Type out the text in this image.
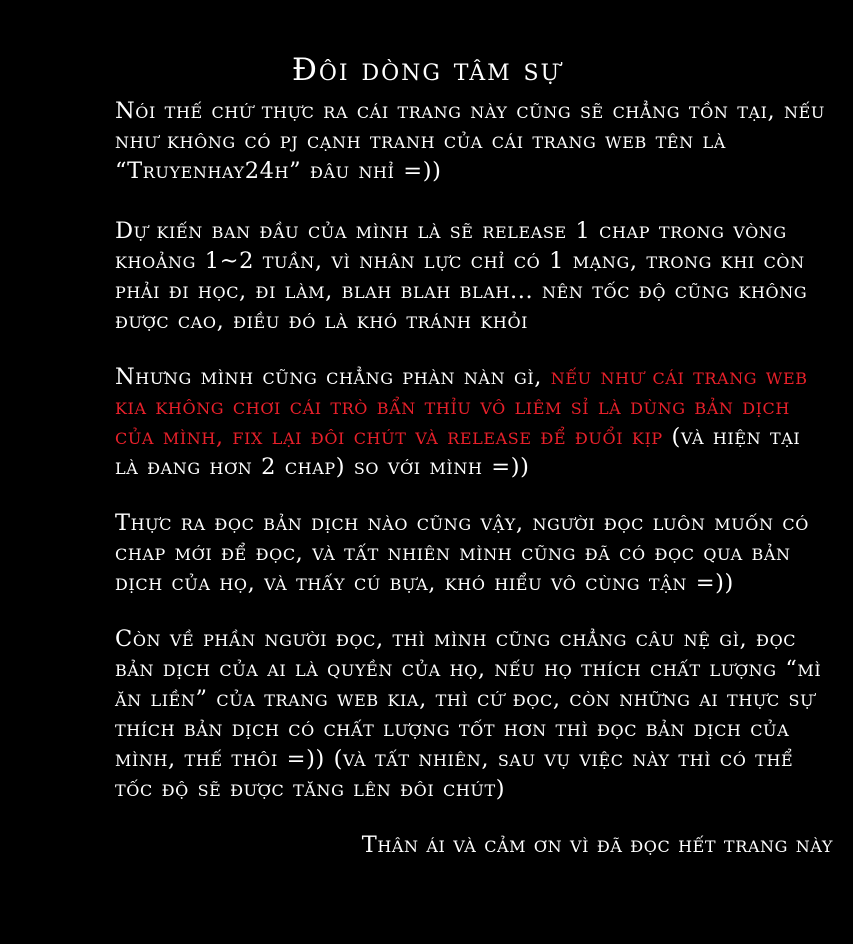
Đôi dòng tâm sự

Nói thế chứ thực ra cái trang này cũng sẽ chẳng tồn tại, nếu như không có pj cạnh tranh của cái trang web tên là “Truyenhay24h” đâu nhỉ =))

Dự kiến ban đầu của mình là sẽ release 1 chap trong vòng khoảng 1~2 tuần, vì nhân lực chỉ có 1 mạng, trong khi còn phải đi học, đi làm, blah blah blah... nên tốc độ cũng không được cao, điều đó là khó tránh khỏi

Nhưng mình cũng chẳng phàn nàn gì, nếu như cái trang web kia không chơi cái trò bẩn thỉu vô liêm sỉ là dùng bản dịch của mình, fix lại đôi chút và release để đuổi kịp (và hiện tại là đang hơn 2 chap) so với mình =))

Thực ra đọc bản dịch nào cũng vậy, người đọc luôn muốn có chap mới để đọc, và tất nhiên mình cũng đã có đọc qua bản dịch của họ, và thấy cú bựa, khó hiểu vô cùng tận =))

Còn về phần người đọc, thì mình cũng chẳng câu nệ gì, đọc bản dịch của ai là quyền của họ, nếu họ thích chất lượng “mì ăn liền” của trang web kia, thì cứ đọc, còn những ai thực sự thích bản dịch có chất lượng tốt hơn thì đọc bản dịch của mình, thế thôi =)) (và tất nhiên, sau vụ việc này thì có thể tốc độ sẽ được tăng lên đôi chút)

Thân ái và cảm ơn vì đã đọc hết trang này
